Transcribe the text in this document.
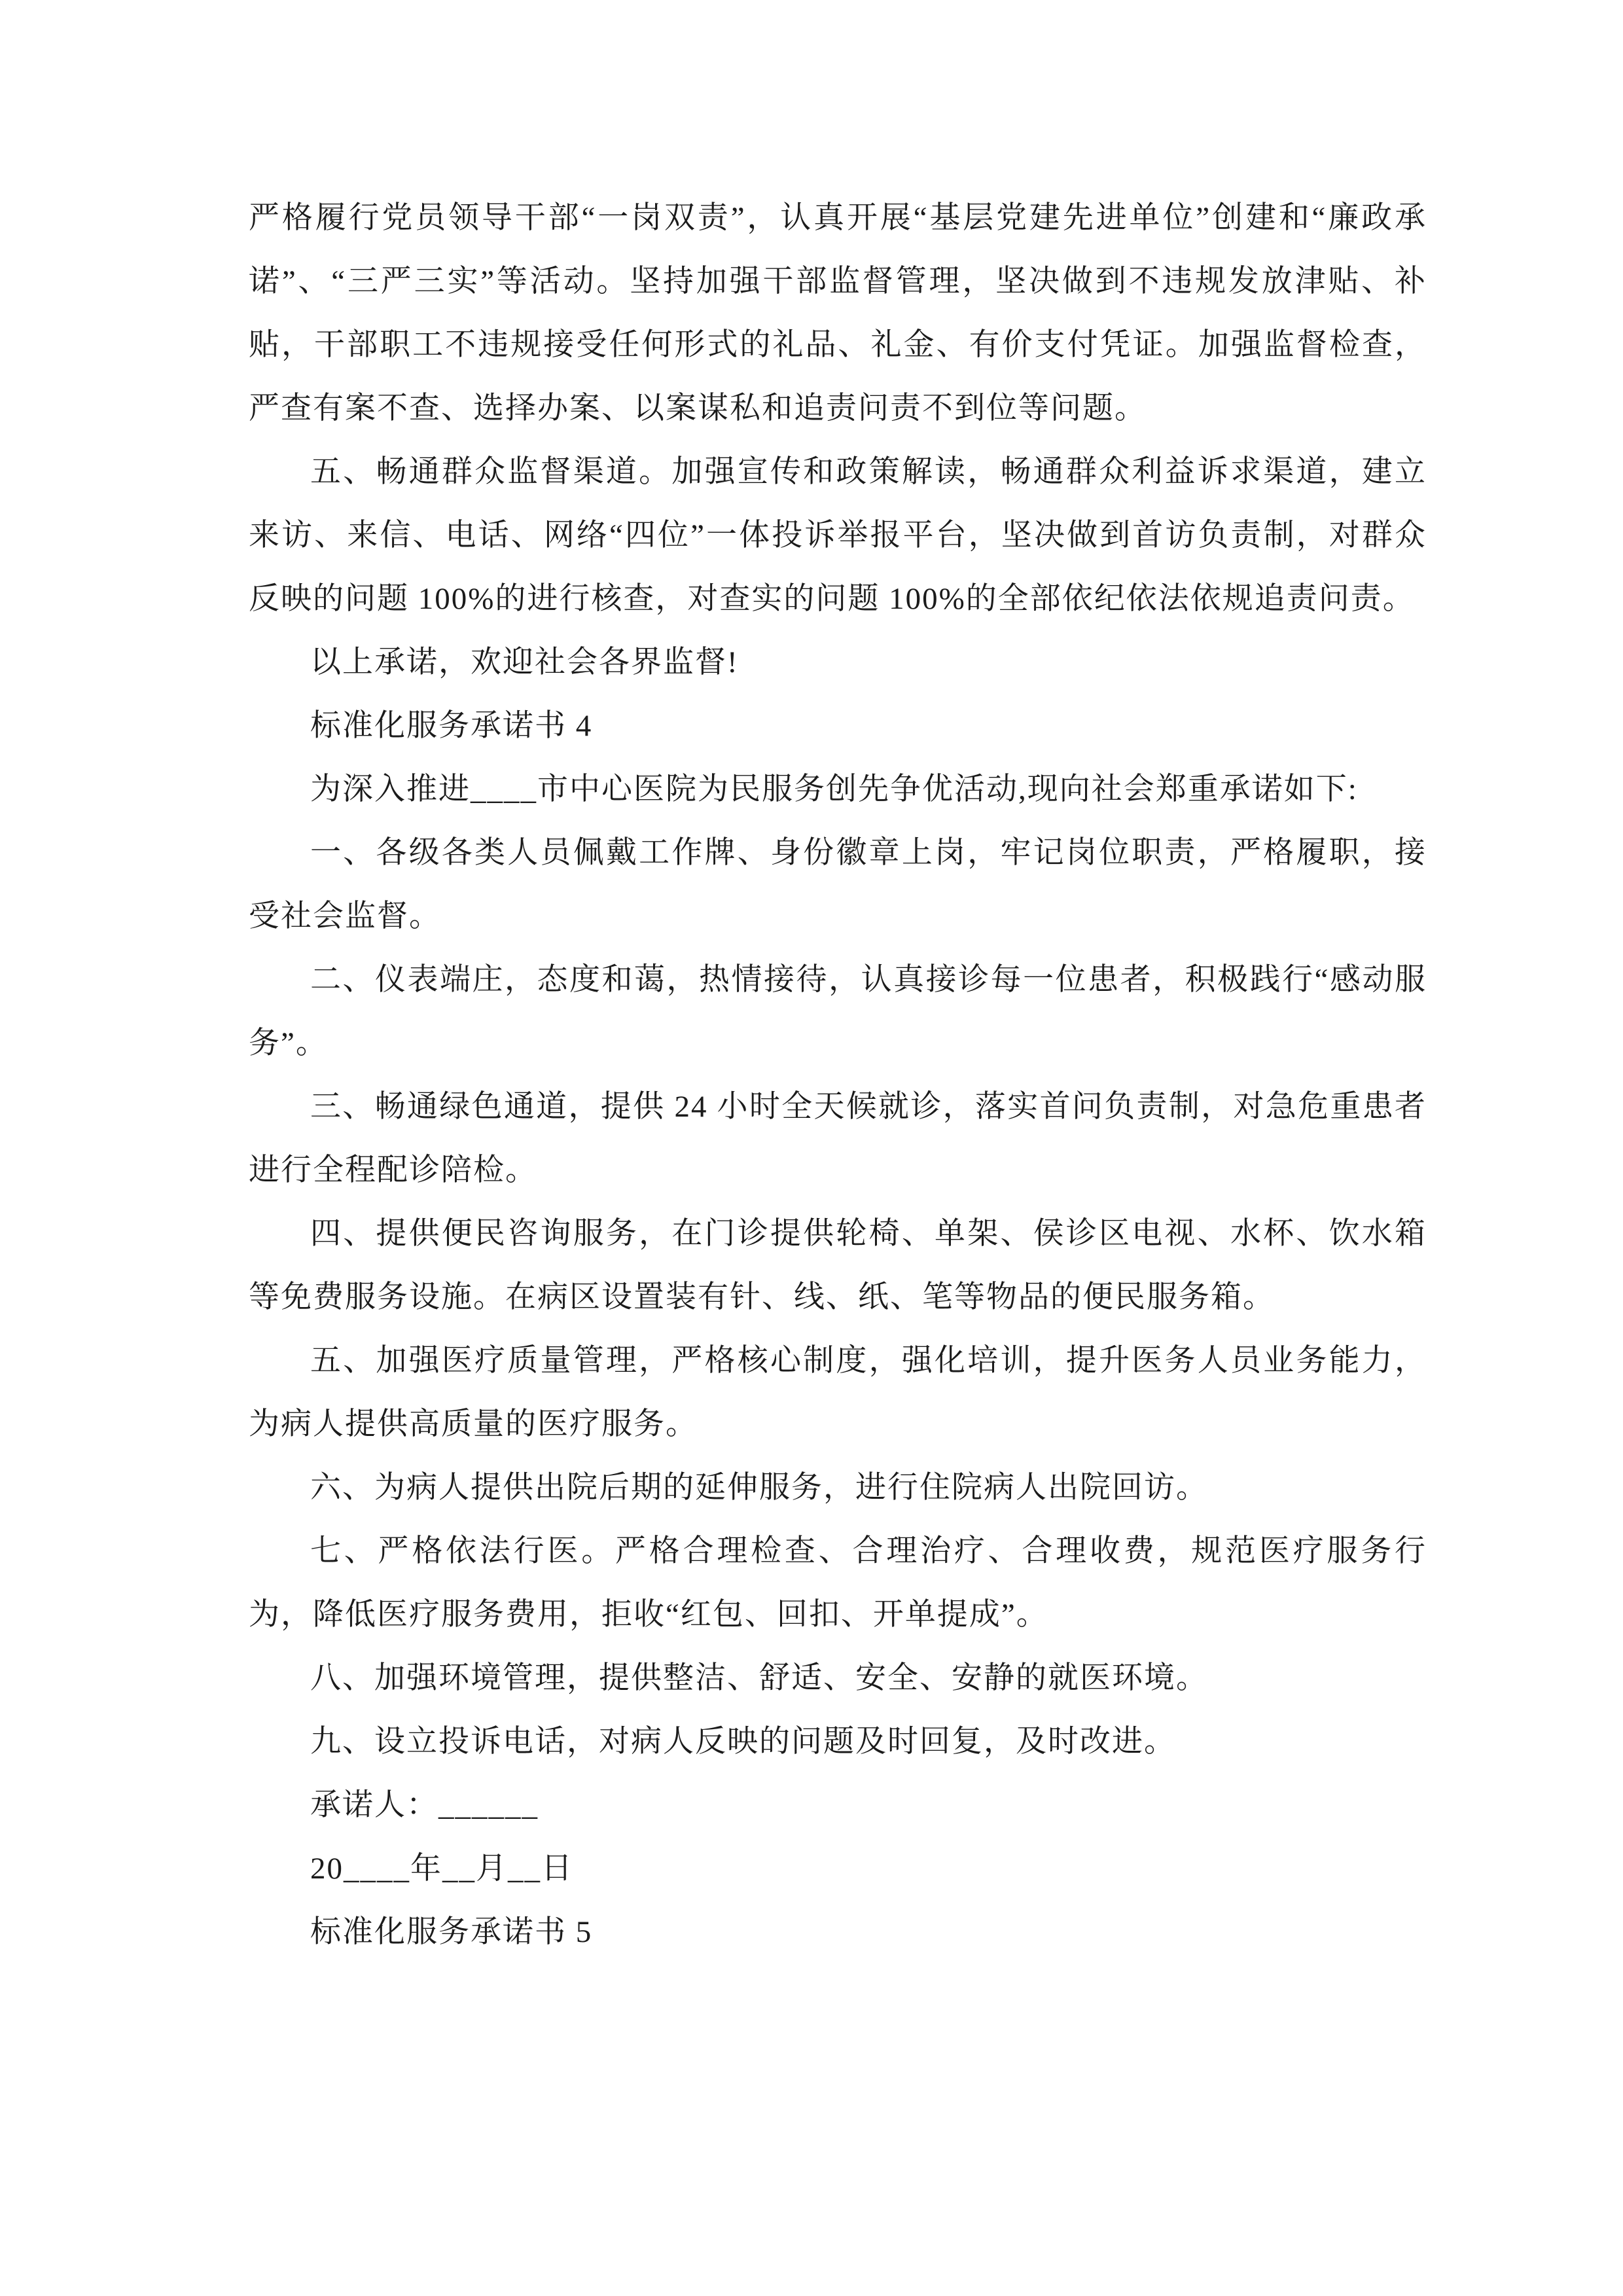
严格履行党员领导干部“一岗双责”，认真开展“基层党建先进单位”创建和“廉政承诺”、“三严三实”等活动。坚持加强干部监督管理，坚决做到不违规发放津贴、补贴，干部职工不违规接受任何形式的礼品、礼金、有价支付凭证。加强监督检查，严查有案不查、选择办案、以案谋私和追责问责不到位等问题。

五、畅通群众监督渠道。加强宣传和政策解读，畅通群众利益诉求渠道，建立来访、来信、电话、网络“四位”一体投诉举报平台，坚决做到首访负责制，对群众反映的问题 100%的进行核查，对查实的问题 100%的全部依纪依法依规追责问责。

以上承诺，欢迎社会各界监督!

标准化服务承诺书 4

为深入推进____市中心医院为民服务创先争优活动,现向社会郑重承诺如下:

一、各级各类人员佩戴工作牌、身份徽章上岗，牢记岗位职责，严格履职，接受社会监督。

二、仪表端庄，态度和蔼，热情接待，认真接诊每一位患者，积极践行“感动服务”。

三、畅通绿色通道，提供 24 小时全天候就诊，落实首问负责制，对急危重患者进行全程配诊陪检。

四、提供便民咨询服务，在门诊提供轮椅、单架、侯诊区电视、水杯、饮水箱等免费服务设施。在病区设置装有针、线、纸、笔等物品的便民服务箱。

五、加强医疗质量管理，严格核心制度，强化培训，提升医务人员业务能力，为病人提供高质量的医疗服务。

六、为病人提供出院后期的延伸服务，进行住院病人出院回访。

七、严格依法行医。严格合理检查、合理治疗、合理收费，规范医疗服务行为，降低医疗服务费用，拒收“红包、回扣、开单提成”。

八、加强环境管理，提供整洁、舒适、安全、安静的就医环境。

九、设立投诉电话，对病人反映的问题及时回复，及时改进。

承诺人：______

20____年__月__日

标准化服务承诺书 5
